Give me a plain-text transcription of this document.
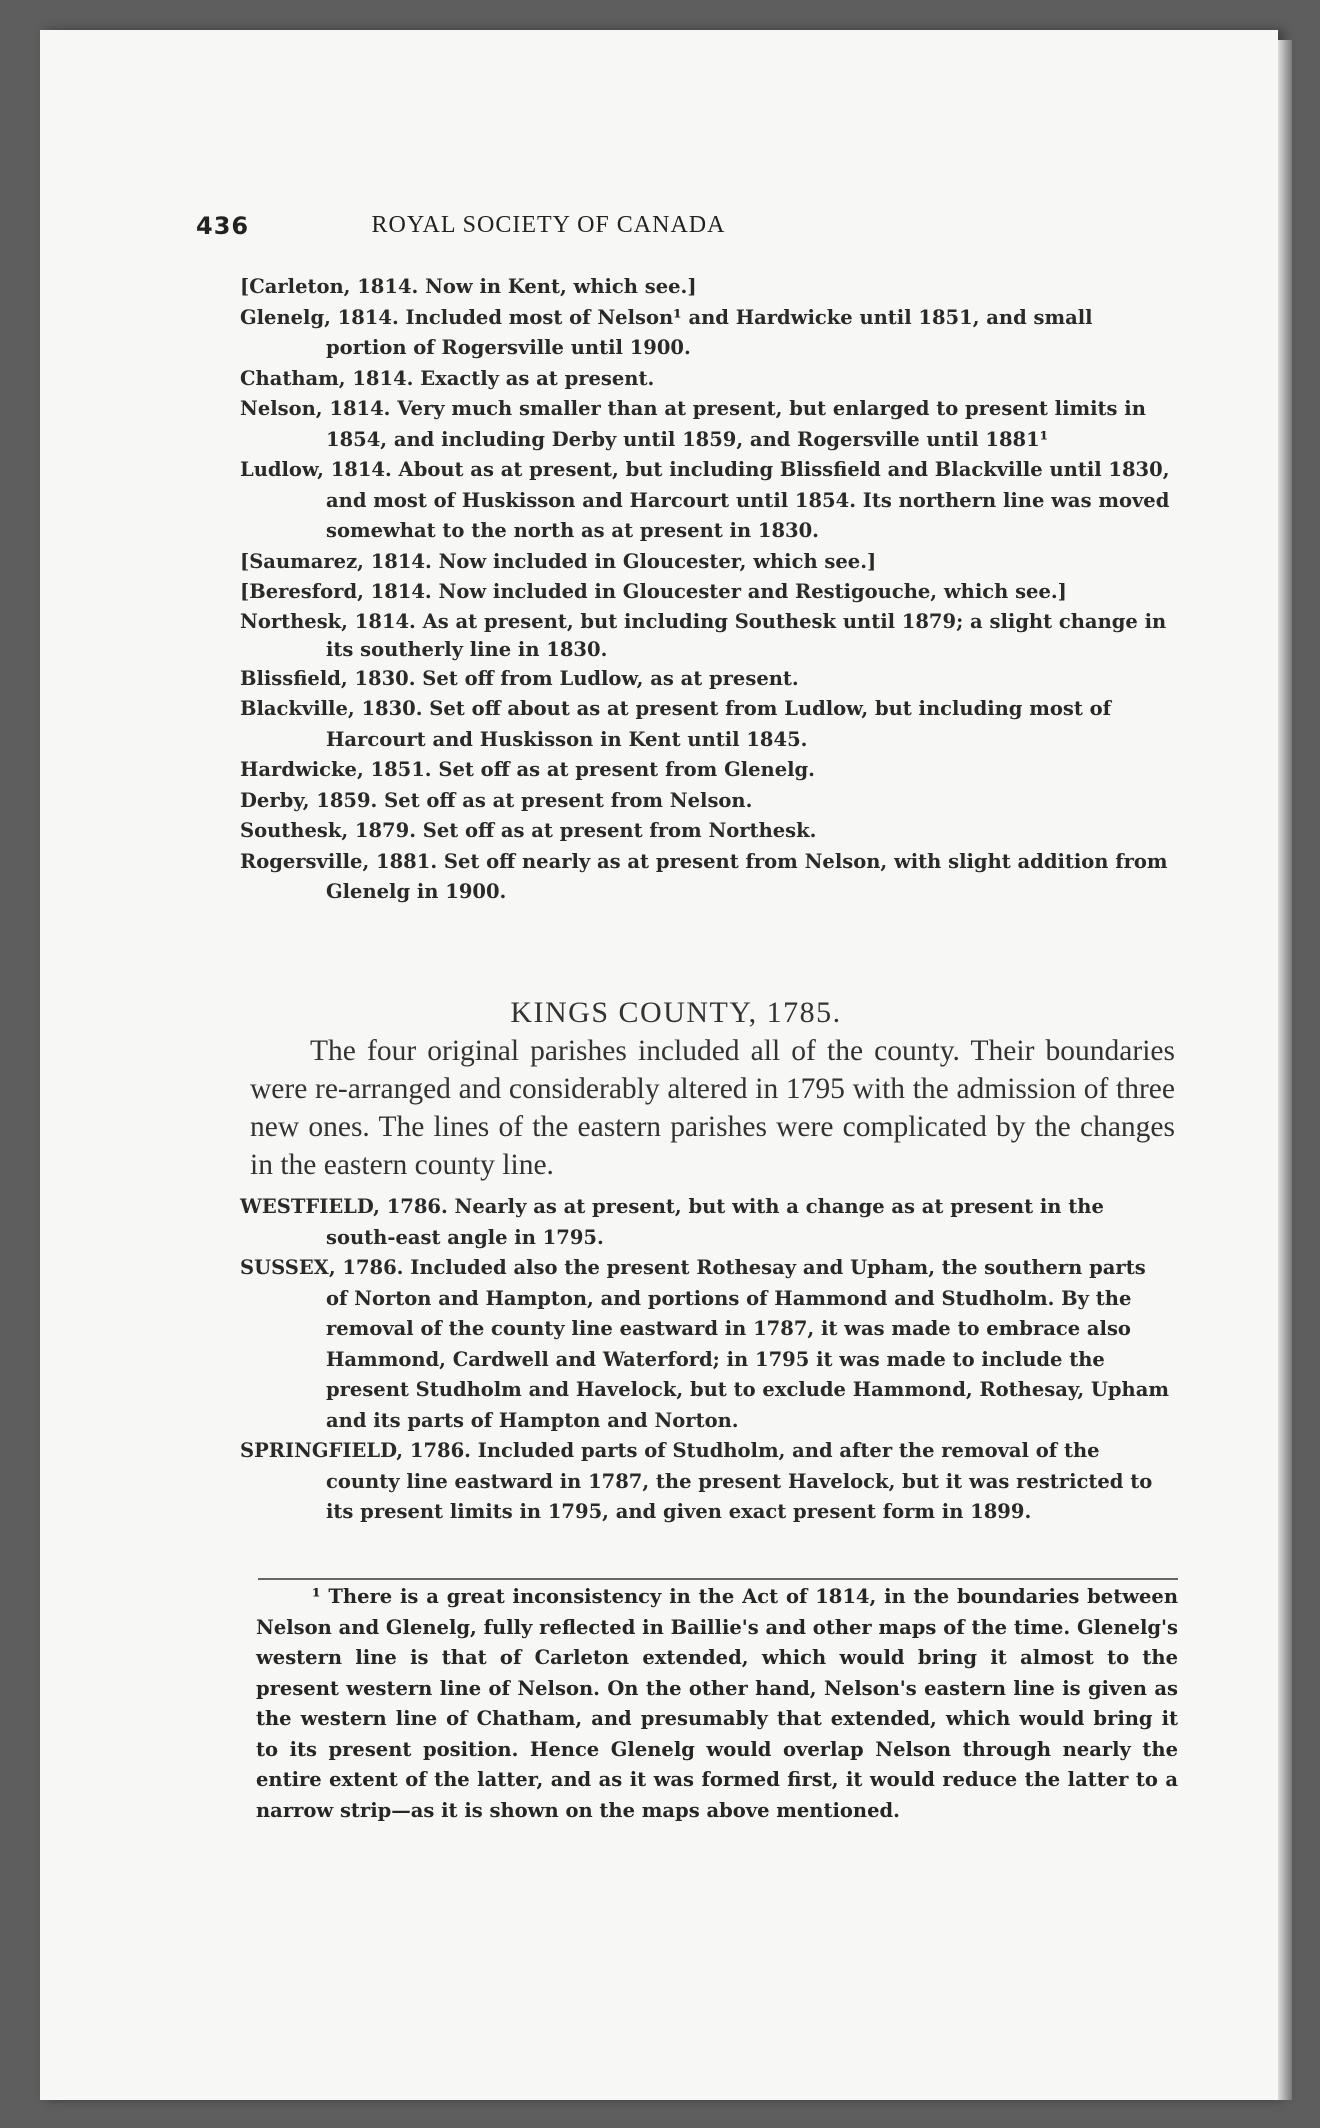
436	ROYAL SOCIETY OF CANADA
[Carleton, 1814. Now in Kent, which see.]
Glenelg, 1814. Included most of Nelson¹ and Hardwicke until 1851, and small portion of Rogersville until 1900.
Chatham, 1814. Exactly as at present.
Nelson, 1814. Very much smaller than at present, but enlarged to present limits in 1854, and including Derby until 1859, and Rogersville until 1881¹
Ludlow, 1814. About as at present, but including Blissfield and Blackville until 1830, and most of Huskisson and Harcourt until 1854. Its northern line was moved somewhat to the north as at present in 1830.
[Saumarez, 1814. Now included in Gloucester, which see.]
[Beresford, 1814. Now included in Gloucester and Restigouche, which see.]
Northesk, 1814. As at present, but including Southesk until 1879; a slight change in its southerly line in 1830.
Blissfield, 1830. Set off from Ludlow, as at present.
Blackville, 1830. Set off about as at present from Ludlow, but including most of Harcourt and Huskisson in Kent until 1845.
Hardwicke, 1851. Set off as at present from Glenelg.
Derby, 1859. Set off as at present from Nelson.
Southesk, 1879. Set off as at present from Northesk.
Rogersville, 1881. Set off nearly as at present from Nelson, with slight addition from Glenelg in 1900.
KINGS COUNTY, 1785.

The four original parishes included all of the county. Their boundaries were re-arranged and considerably altered in 1795 with the admission of three new ones. The lines of the eastern parishes were complicated by the changes in the eastern county line.

WESTFIELD, 1786. Nearly as at present, but with a change as at present in the south-east angle in 1795.
SUSSEX, 1786. Included also the present Rothesay and Upham, the southern parts of Norton and Hampton, and portions of Hammond and Studholm. By the removal of the county line eastward in 1787, it was made to embrace also Hammond, Cardwell and Waterford; in 1795 it was made to include the present Studholm and Havelock, but to exclude Hammond, Rothesay, Upham and its parts of Hampton and Norton.
SPRINGFIELD, 1786. Included parts of Studholm, and after the removal of the county line eastward in 1787, the present Havelock, but it was restricted to its present limits in 1795, and given exact present form in 1899.

¹ There is a great inconsistency in the Act of 1814, in the boundaries between Nelson and Glenelg, fully reflected in Baillie's and other maps of the time. Glenelg's western line is that of Carleton extended, which would bring it almost to the present western line of Nelson. On the other hand, Nelson's eastern line is given as the western line of Chatham, and presumably that extended, which would bring it to its present position. Hence Glenelg would overlap Nelson through nearly the entire extent of the latter, and as it was formed first, it would reduce the latter to a narrow strip—as it is shown on the maps above mentioned.
